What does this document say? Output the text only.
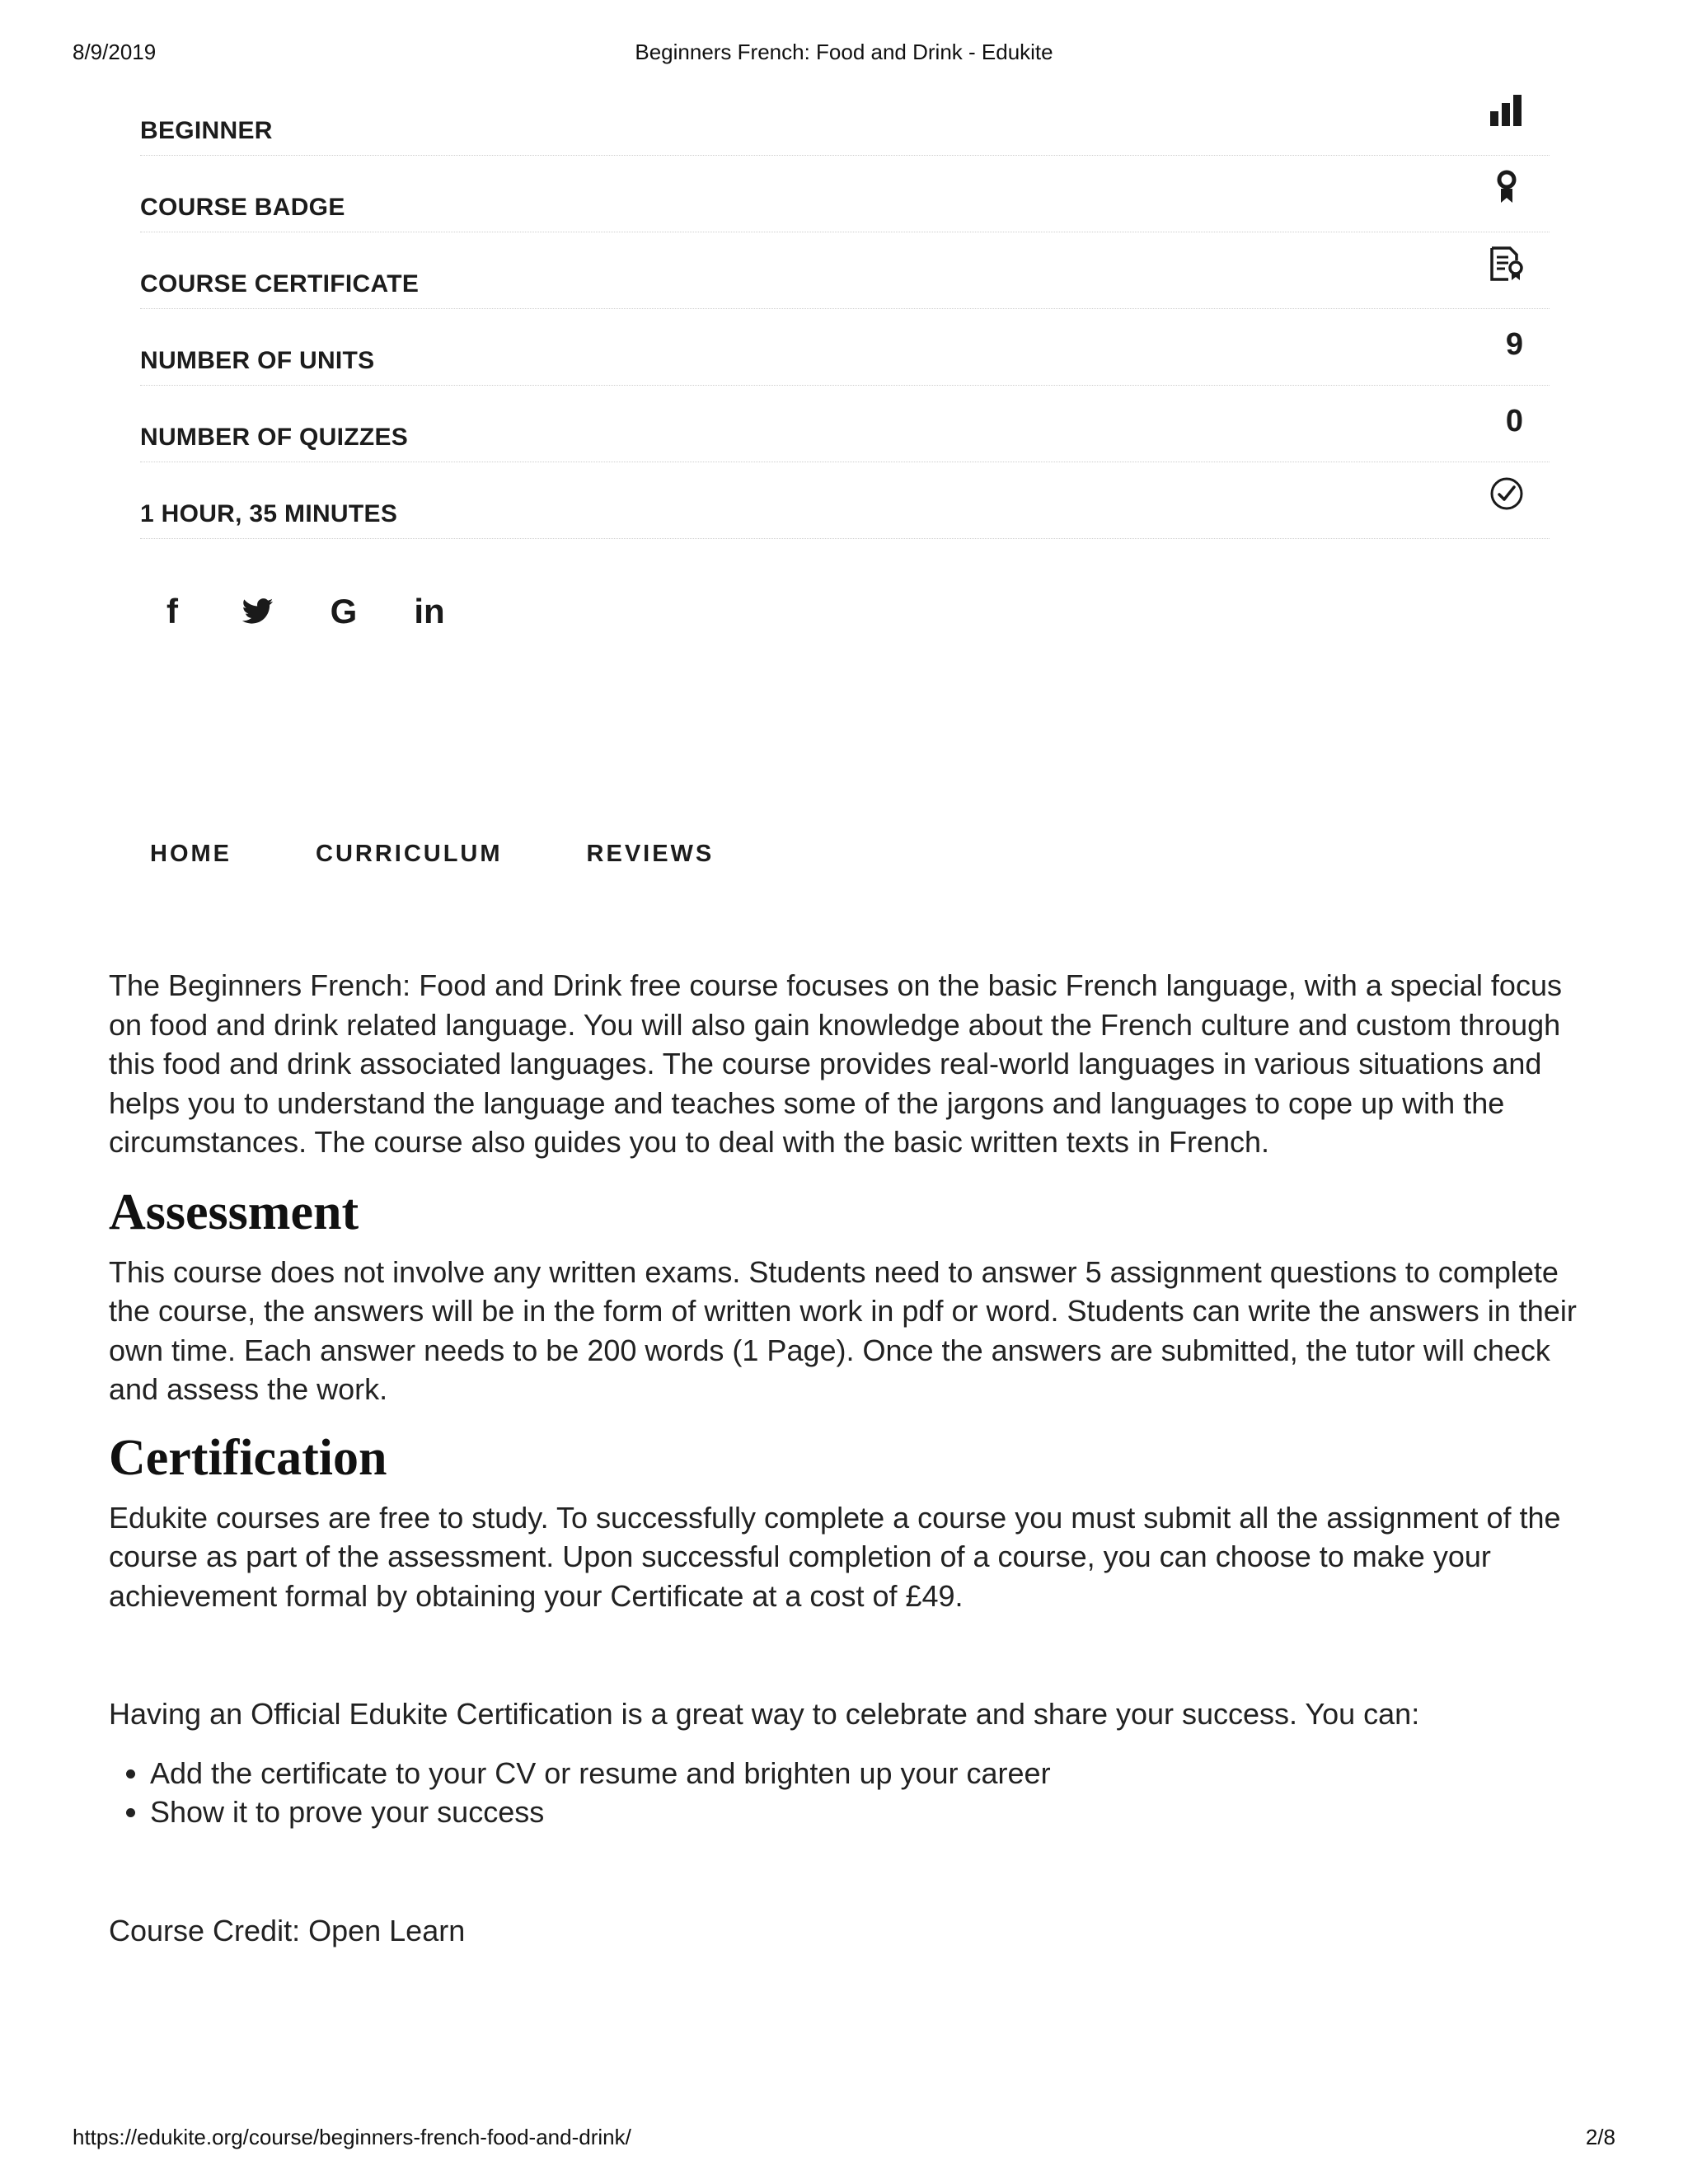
8/9/2019	Beginners French: Food and Drink - Edukite
BEGINNER
COURSE BADGE
COURSE CERTIFICATE
NUMBER OF UNITS	9
NUMBER OF QUIZZES	0
1 HOUR, 35 MINUTES
f	G in
HOME	CURRICULUM	REVIEWS

The Beginners French: Food and Drink free course focuses on the basic French language, with a special focus on food and drink related language. You will also gain knowledge about the French culture and custom through this food and drink associated languages. The course provides real-world languages in various situations and helps you to understand the language and teaches some of the jargons and languages to cope up with the circumstances. The course also guides you to deal with the basic written texts in French.

Assessment

This course does not involve any written exams. Students need to answer 5 assignment questions to complete the course, the answers will be in the form of written work in pdf or word. Students can write the answers in their own time. Each answer needs to be 200 words (1 Page). Once the answers are submitted, the tutor will check and assess the work.

Certification

Edukite courses are free to study. To successfully complete a course you must submit all the assignment of the course as part of the assessment. Upon successful completion of a course, you can choose to make your achievement formal by obtaining your Certificate at a cost of £49.

Having an Official Edukite Certification is a great way to celebrate and share your success. You can:

• Add the certificate to your CV or resume and brighten up your career
• Show it to prove your success

Course Credit: Open Learn

https://edukite.org/course/beginners-french-food-and-drink/	2/8
